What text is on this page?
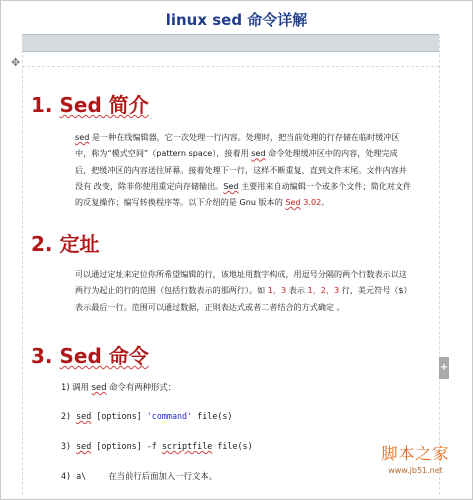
linux sed 命令详解
✥
+
1. Sed 简介
sed 是一种在线编辑器，它一次处理一行内容。处理时，把当前处理的行存储在临时缓冲区
中，称为“模式空间”（pattern space），接着用 sed 命令处理缓冲区中的内容，处理完成
后，把缓冲区的内容送往屏幕。接着处理下一行，这样不断重复，直到文件末尾。文件内容并
没有 改变，除非你使用重定向存储输出。Sed 主要用来自动编辑一个或多个文件；简化对文件
的反复操作；编写转换程序等。以下介绍的是 Gnu 版本的 Sed 3.02。
2. 定址
可以通过定址来定位你所希望编辑的行，该地址用数字构成，用逗号分隔的两个行数表示以这
两行为起止的行的范围（包括行数表示的那两行）。如 1，3 表示 1，2，3 行，美元符号（$）
表示最后一行。范围可以通过数据，正则表达式或者二者结合的方式确定 。
3. Sed 命令
1) 调用 sed 命令有两种形式：
2) sed [options] 'command' file(s)
3) sed [options] -f scriptfile file(s)
4) a\	在当前行后面加入一行文本。
脚本之家
www.jb51.net
